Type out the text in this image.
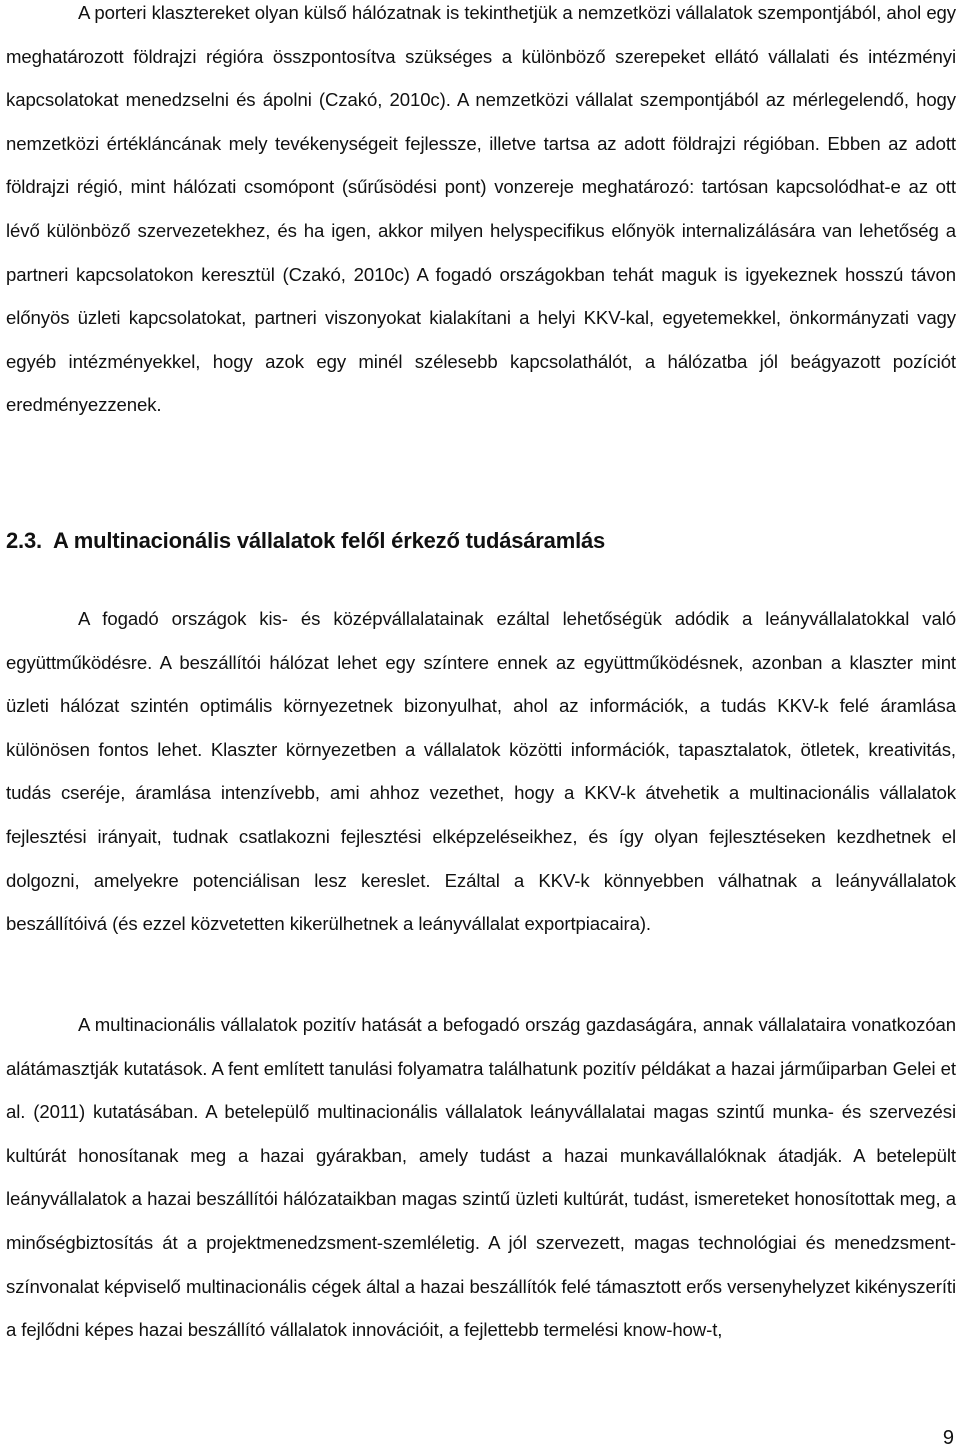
A porteri klasztereket olyan külső hálózatnak is tekinthetjük a nemzetközi vállalatok szempontjából, ahol egy meghatározott földrajzi régióra összpontosítva szükséges a különböző szerepeket ellátó vállalati és intézményi kapcsolatokat menedzselni és ápolni (Czakó, 2010c). A nemzetközi vállalat szempontjából az mérlegelendő, hogy nemzetközi értékláncának mely tevékenységeit fejlessze, illetve tartsa az adott földrajzi régióban. Ebben az adott földrajzi régió, mint hálózati csomópont (sűrűsödési pont) vonzereje meghatározó: tartósan kapcsolódhat-e az ott lévő különböző szervezetekhez, és ha igen, akkor milyen helyspecifikus előnyök internalizálására van lehetőség a partneri kapcsolatokon keresztül (Czakó, 2010c) A fogadó országokban tehát maguk is igyekeznek hosszú távon előnyös üzleti kapcsolatokat, partneri viszonyokat kialakítani a helyi KKV-kal, egyetemekkel, önkormányzati vagy egyéb intézményekkel, hogy azok egy minél szélesebb kapcsolathálót, a hálózatba jól beágyazott pozíciót eredményezzenek.

2.3. A multinacionális vállalatok felől érkező tudásáramlás

A fogadó országok kis- és középvállalatainak ezáltal lehetőségük adódik a leányvállalatokkal való együttműködésre. A beszállítói hálózat lehet egy színtere ennek az együttműködésnek, azonban a klaszter mint üzleti hálózat szintén optimális környezetnek bizonyulhat, ahol az információk, a tudás KKV-k felé áramlása különösen fontos lehet. Klaszter környezetben a vállalatok közötti információk, tapasztalatok, ötletek, kreativitás, tudás cseréje, áramlása intenzívebb, ami ahhoz vezethet, hogy a KKV-k átvehetik a multinacionális vállalatok fejlesztési irányait, tudnak csatlakozni fejlesztési elképzeléseikhez, és így olyan fejlesztéseken kezdhetnek el dolgozni, amelyekre potenciálisan lesz kereslet. Ezáltal a KKV-k könnyebben válhatnak a leányvállalatok beszállítóivá (és ezzel közvetetten kikerülhetnek a leányvállalat exportpiacaira).

A multinacionális vállalatok pozitív hatását a befogadó ország gazdaságára, annak vállalataira vonatkozóan alátámasztják kutatások. A fent említett tanulási folyamatra találhatunk pozitív példákat a hazai járműiparban Gelei et al. (2011) kutatásában. A betelepülő multinacionális vállalatok leányvállalatai magas szintű munka- és szervezési kultúrát honosítanak meg a hazai gyárakban, amely tudást a hazai munkavállalóknak átadják. A betelepült leányvállalatok a hazai beszállítói hálózataikban magas szintű üzleti kultúrát, tudást, ismereteket honosítottak meg, a minőségbiztosítás át a projektmenedzsment-szemléletig. A jól szervezett, magas technológiai és menedzsment-színvonalat képviselő multinacionális cégek által a hazai beszállítók felé támasztott erős versenyhelyzet kikényszeríti a fejlődni képes hazai beszállító vállalatok innovációit, a fejlettebb termelési know-how-t,

9
